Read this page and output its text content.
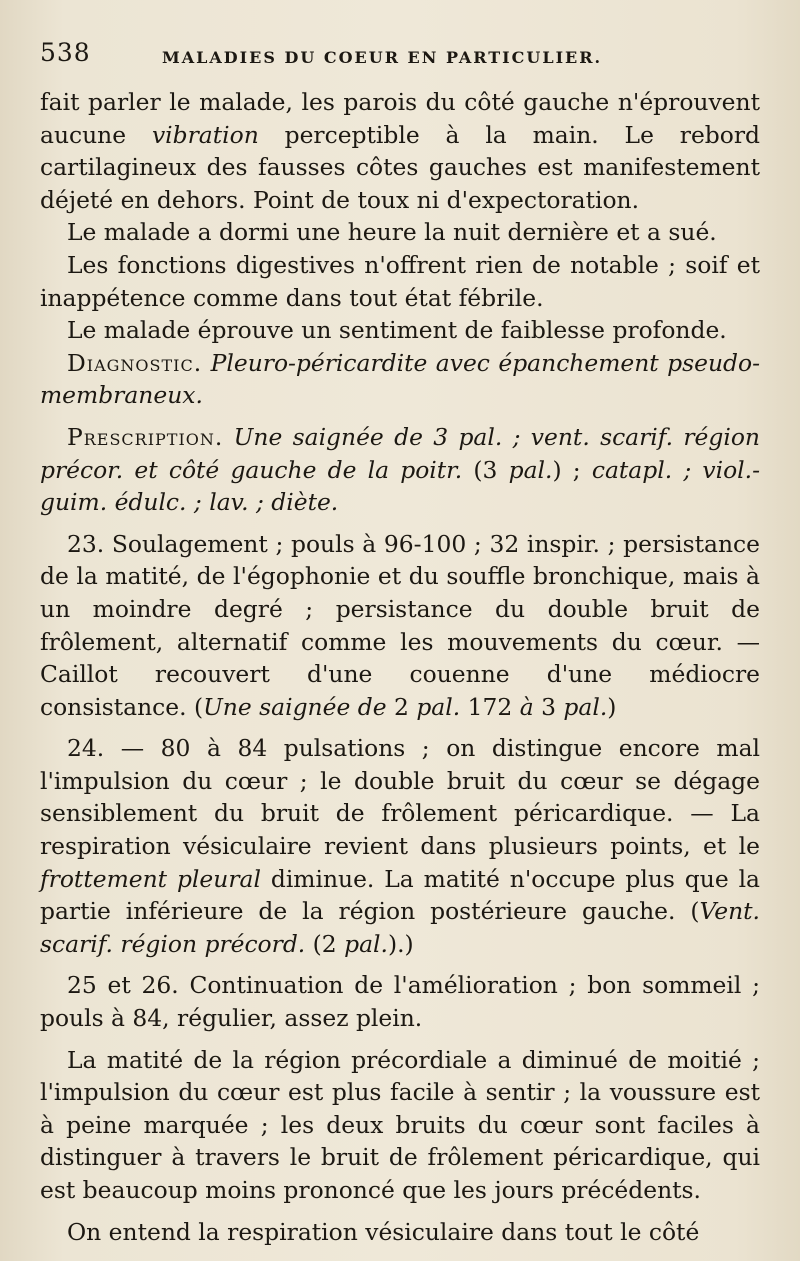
538	MALADIES DU COEUR EN PARTICULIER.

fait parler le malade, les parois du côté gauche n'éprouvent aucune vibration perceptible à la main. Le rebord cartilagineux des fausses côtes gauches est manifestement déjeté en dehors. Point de toux ni d'expectoration.

Le malade a dormi une heure la nuit dernière et a sué.

Les fonctions digestives n'offrent rien de notable ; soif et inappétence comme dans tout état fébrile.

Le malade éprouve un sentiment de faiblesse profonde.

Diagnostic. Pleuro-péricardite avec épanchement pseudo-membraneux.

Prescription. Une saignée de 3 pal. ; vent. scarif. région précor. et côté gauche de la poitr. (3 pal.) ; catapl. ; viol.-guim. édulc. ; lav. ; diète.

23. Soulagement ; pouls à 96-100 ; 32 inspir. ; persistance de la matité, de l'égophonie et du souffle bronchique, mais à un moindre degré ; persistance du double bruit de frôlement, alternatif comme les mouvements du cœur. — Caillot recouvert d'une couenne d'une médiocre consistance. (Une saignée de 2 pal. 172 à 3 pal.)

24. — 80 à 84 pulsations ; on distingue encore mal l'impulsion du cœur ; le double bruit du cœur se dégage sensiblement du bruit de frôlement péricardique. — La respiration vésiculaire revient dans plusieurs points, et le frottement pleural diminue. La matité n'occupe plus que la partie inférieure de la région postérieure gauche. (Vent. scarif. région précord. (2 pal.).)

25 et 26. Continuation de l'amélioration ; bon sommeil ; pouls à 84, régulier, assez plein.

La matité de la région précordiale a diminué de moitié ; l'impulsion du cœur est plus facile à sentir ; la voussure est à peine marquée ; les deux bruits du cœur sont faciles à distinguer à travers le bruit de frôlement péricardique, qui est beaucoup moins prononcé que les jours précédents.

On entend la respiration vésiculaire dans tout le côté
